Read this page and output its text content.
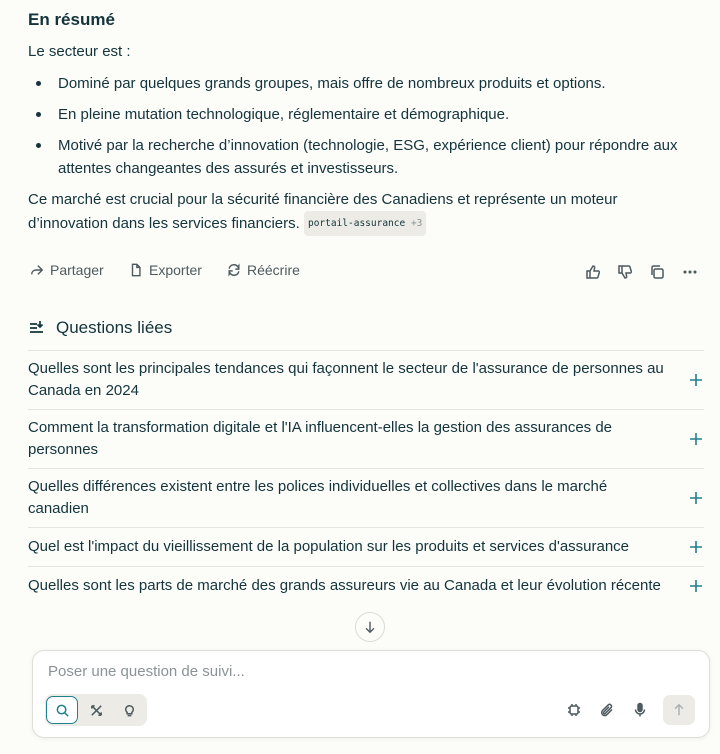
En résumé

Le secteur est :

Dominé par quelques grands groupes, mais offre de nombreux produits et options.
En pleine mutation technologique, réglementaire et démographique.
Motivé par la recherche d’innovation (technologie, ESG, expérience client) pour répondre aux attentes changeantes des assurés et investisseurs.

Ce marché est crucial pour la sécurité financière des Canadiens et représente un moteur d’innovation dans les services financiers. portail-assurance +3

Partager	Exporter	Réécrire
Questions liées
Quelles sont les principales tendances qui façonnent le secteur de l'assurance de personnes au Canada en 2024
Comment la transformation digitale et l'IA influencent-elles la gestion des assurances de personnes
Quelles différences existent entre les polices individuelles et collectives dans le marché canadien
Quel est l'impact du vieillissement de la population sur les produits et services d'assurance
Quelles sont les parts de marché des grands assureurs vie au Canada et leur évolution récente
Poser une question de suivi...
